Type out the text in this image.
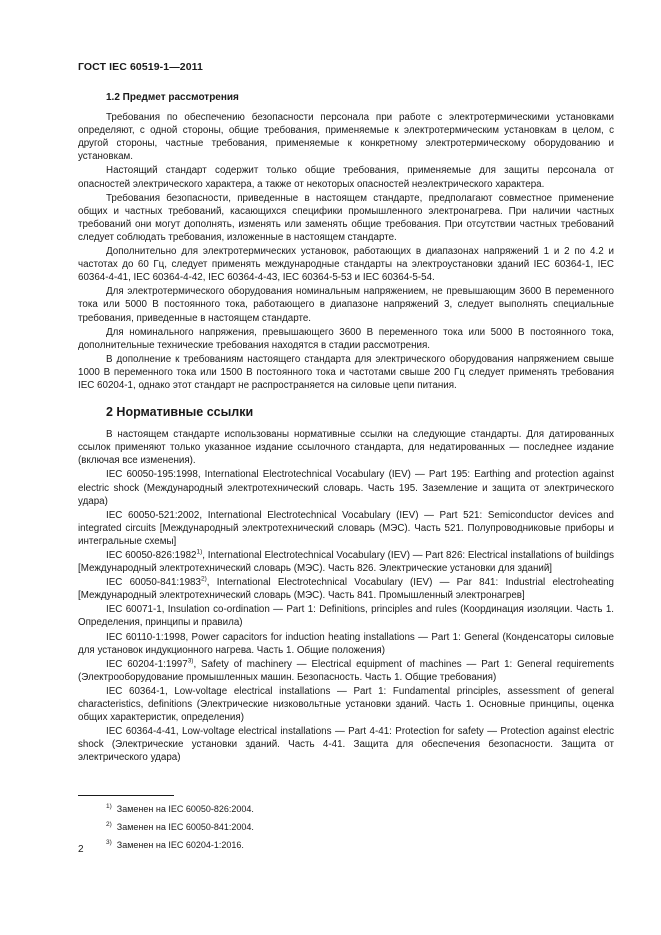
ГОСТ IEC 60519-1—2011
1.2 Предмет рассмотрения

Требования по обеспечению безопасности персонала при работе с электротермическими установками определяют, с одной стороны, общие требования, применяемые к электротермическим установкам в целом, с другой стороны, частные требования, применяемые к конкретному электротермическому оборудованию и установкам.

Настоящий стандарт содержит только общие требования, применяемые для защиты персонала от опасностей электрического характера, а также от некоторых опасностей неэлектрического характера.

Требования безопасности, приведенные в настоящем стандарте, предполагают совместное применение общих и частных требований, касающихся специфики промышленного электронагрева. При наличии частных требований они могут дополнять, изменять или заменять общие требования. При отсутствии частных требований следует соблюдать требования, изложенные в настоящем стандарте.

Дополнительно для электротермических установок, работающих в диапазонах напряжений 1 и 2 по 4.2 и частотах до 60 Гц, следует применять международные стандарты на электроустановки зданий IEC 60364-1, IEC 60364-4-41, IEC 60364-4-42, IEC 60364-4-43, IEC 60364-5-53 и IEC 60364-5-54.

Для электротермического оборудования номинальным напряжением, не превышающим 3600 В переменного тока или 5000 В постоянного тока, работающего в диапазоне напряжений 3, следует выполнять специальные требования, приведенные в настоящем стандарте.

Для номинального напряжения, превышающего 3600 В переменного тока или 5000 В постоянного тока, дополнительные технические требования находятся в стадии рассмотрения.

В дополнение к требованиям настоящего стандарта для электрического оборудования напряжением свыше 1000 В переменного тока или 1500 В постоянного тока и частотами свыше 200 Гц следует применять требования IEC 60204-1, однако этот стандарт не распространяется на силовые цепи питания.

2 Нормативные ссылки

В настоящем стандарте использованы нормативные ссылки на следующие стандарты. Для датированных ссылок применяют только указанное издание ссылочного стандарта, для недатированных — последнее издание (включая все изменения).

IEC 60050-195:1998, International Electrotechnical Vocabulary (IEV) — Part 195: Earthing and protection against electric shock (Международный электротехнический словарь. Часть 195. Заземление и защита от электрического удара)

IEC 60050-521:2002, International Electrotechnical Vocabulary (IEV) — Part 521: Semiconductor devices and integrated circuits [Международный электротехнический словарь (МЭС). Часть 521. Полупроводниковые приборы и интегральные схемы]

IEC 60050-826:1982$^{1)}$, International Electrotechnical Vocabulary (IEV) — Part 826: Electrical installations of buildings [Международный электротехнический словарь (МЭС). Часть 826. Электрические установки для зданий]

IEC 60050-841:1983$^{2)}$, International Electrotechnical Vocabulary (IEV) — Par 841: Industrial electroheating [Международный электротехнический словарь (МЭС). Часть 841. Промышленный электронагрев]

IEC 60071-1, Insulation co-ordination — Part 1: Definitions, principles and rules (Координация изоляции. Часть 1. Определения, принципы и правила)

IEC 60110-1:1998, Power capacitors for induction heating installations — Part 1: General (Конденсаторы силовые для установок индукционного нагрева. Часть 1. Общие положения)

IEC 60204-1:1997$^{3)}$, Safety of machinery — Electrical equipment of machines — Part 1: General requirements (Электрооборудование промышленных машин. Безопасность. Часть 1. Общие требования)

IEC 60364-1, Low-voltage electrical installations — Part 1: Fundamental principles, assessment of general characteristics, definitions (Электрические низковольтные установки зданий. Часть 1. Основные принципы, оценка общих характеристик, определения)

IEC 60364-4-41, Low-voltage electrical installations — Part 4-41: Protection for safety — Protection against electric shock (Электрические установки зданий. Часть 4-41. Защита для обеспечения безопасности. Защита от электрического удара)

$^{1)}$ Заменен на IEC 60050-826:2004.
$^{2)}$ Заменен на IEC 60050-841:2004.
$^{3)}$ Заменен на IEC 60204-1:2016.
2
